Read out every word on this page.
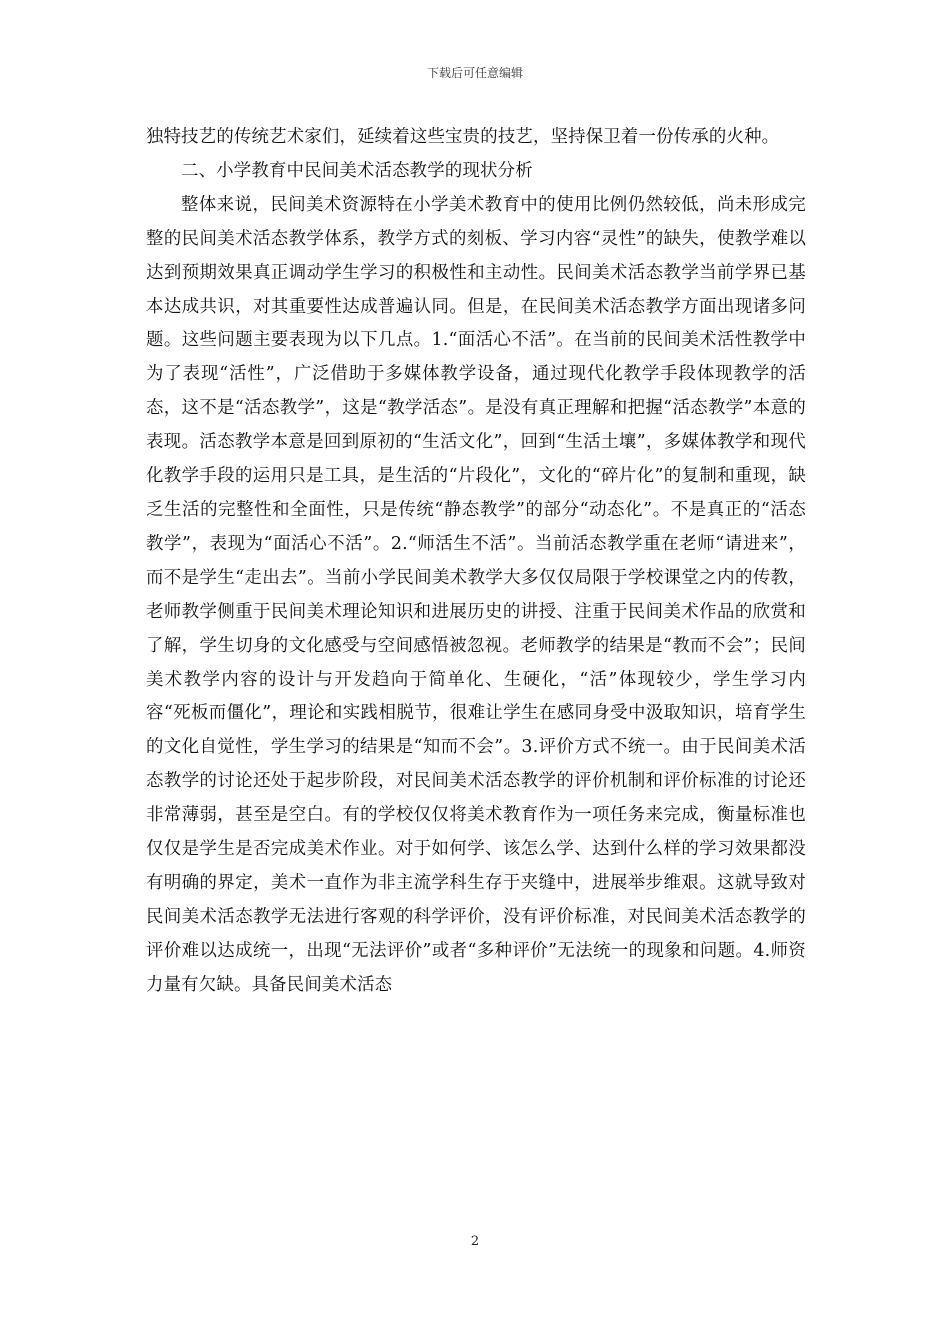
下载后可任意编辑

独特技艺的传统艺术家们，延续着这些宝贵的技艺，坚持保卫着一份传承的火种。

二、小学教育中民间美术活态教学的现状分析

整体来说，民间美术资源特在小学美术教育中的使用比例仍然较低，尚未形成完整的民间美术活态教学体系，教学方式的刻板、学习内容“灵性”的缺失，使教学难以达到预期效果真正调动学生学习的积极性和主动性。民间美术活态教学当前学界已基本达成共识，对其重要性达成普遍认同。但是，在民间美术活态教学方面出现诸多问题。这些问题主要表现为以下几点。1.“面活心不活”。在当前的民间美术活性教学中为了表现“活性”，广泛借助于多媒体教学设备，通过现代化教学手段体现教学的活态，这不是“活态教学”，这是“教学活态”。是没有真正理解和把握“活态教学”本意的表现。活态教学本意是回到原初的“生活文化”，回到“生活土壤”，多媒体教学和现代化教学手段的运用只是工具，是生活的“片段化”，文化的“碎片化”的复制和重现，缺乏生活的完整性和全面性，只是传统“静态教学”的部分“动态化”。不是真正的“活态教学”，表现为“面活心不活”。2.“师活生不活”。当前活态教学重在老师“请进来”，而不是学生“走出去”。当前小学民间美术教学大多仅仅局限于学校课堂之内的传教，老师教学侧重于民间美术理论知识和进展历史的讲授、注重于民间美术作品的欣赏和了解，学生切身的文化感受与空间感悟被忽视。老师教学的结果是“教而不会”；民间美术教学内容的设计与开发趋向于简单化、生硬化，“活”体现较少，学生学习内容“死板而僵化”，理论和实践相脱节，很难让学生在感同身受中汲取知识，培育学生的文化自觉性，学生学习的结果是“知而不会”。3.评价方式不统一。由于民间美术活态教学的讨论还处于起步阶段，对民间美术活态教学的评价机制和评价标准的讨论还非常薄弱，甚至是空白。有的学校仅仅将美术教育作为一项任务来完成，衡量标准也仅仅是学生是否完成美术作业。对于如何学、该怎么学、达到什么样的学习效果都没有明确的界定，美术一直作为非主流学科生存于夹缝中，进展举步维艰。这就导致对民间美术活态教学无法进行客观的科学评价，没有评价标准，对民间美术活态教学的评价难以达成统一，出现“无法评价”或者“多种评价”无法统一的现象和问题。4.师资力量有欠缺。具备民间美术活态

2
